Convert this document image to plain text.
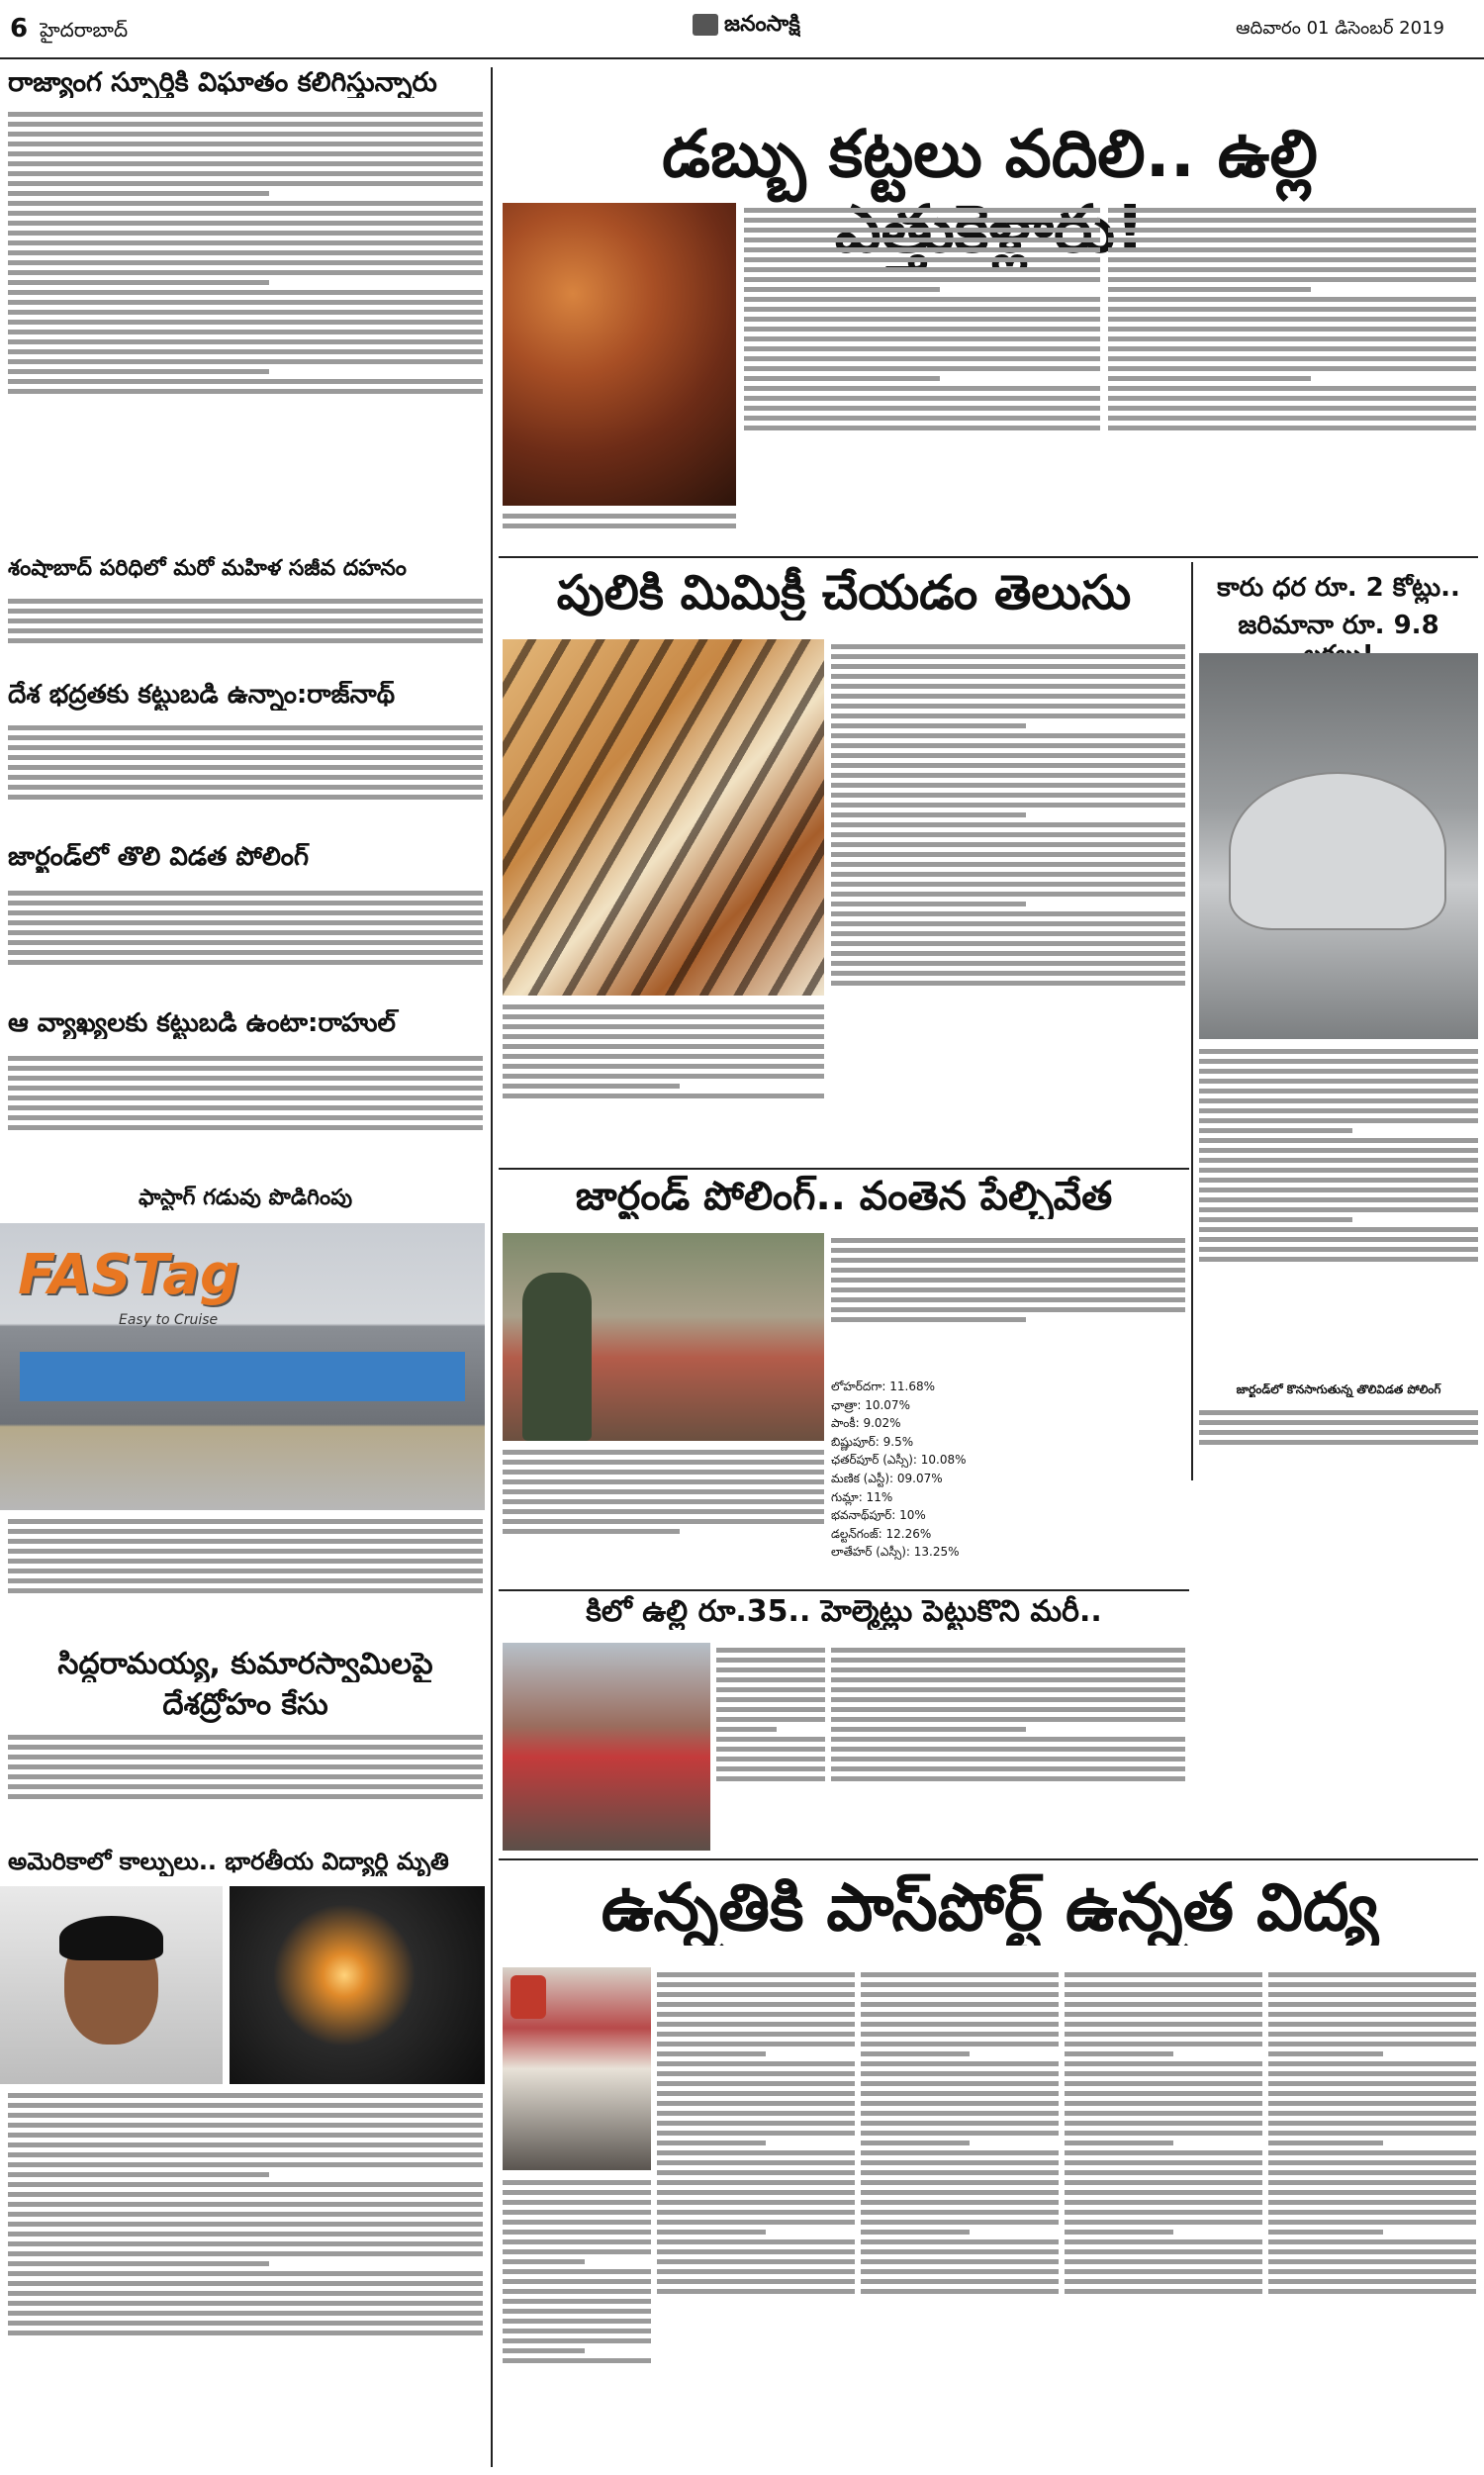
6 హైదరాబాద్	జనంసాక్షి	ఆదివారం 01 డిసెంబర్ 2019
రాజ్యాంగ స్ఫూర్తికి విఘాతం కలిగిస్తున్నారు
శంషాబాద్ పరిధిలో మరో మహిళ సజీవ దహనం
దేశ భద్రతకు కట్టుబడి ఉన్నాం:రాజ్‌నాథ్
జార్ఖండ్‌లో తొలి విడత పోలింగ్
ఆ వ్యాఖ్యలకు కట్టుబడి ఉంటా:రాహుల్
ఫాస్టాగ్ గడువు పొడిగింపు
FASTag
Easy to Cruise
సిద్దరామయ్య, కుమారస్వామిలపై
దేశద్రోహం కేసు
అమెరికాలో కాల్పులు.. భారతీయ విద్యార్థి మృతి
డబ్బు కట్టలు వదిలి.. ఉల్లి
పులికి మిమిక్రీ చేయడం తెలుసు	కారు ధర రూ. 2 కోట్లు..
జరిమానా రూ. 9.8
జార్ఖండ్‌లో కొనసాగుతున్న తొలివిడత పోలింగ్
జార్ఖండ్ పోలింగ్.. వంతెన పేల్చివేత
లోహర్‌దగా: 11.68%
ఛాత్రా: 10.07%
పాంకీ: 9.02%
బిష్ణుపూర్: 9.5%
ఛతర్‌పూర్ (ఎస్సీ): 10.08%
మణిక (ఎస్టీ): 09.07%
గుమ్లా: 11%
భవనాథ్‌పూర్: 10%
డల్టన్‌గంజ్: 12.26%
లాతేహర్ (ఎస్సీ): 13.25%
కిలో ఉల్లి రూ.35.. హెల్మెట్లు పెట్టుకొని మరీ..
ఉన్నతికి పాస్‌పోర్ట్ ఉన్నత విద్య
